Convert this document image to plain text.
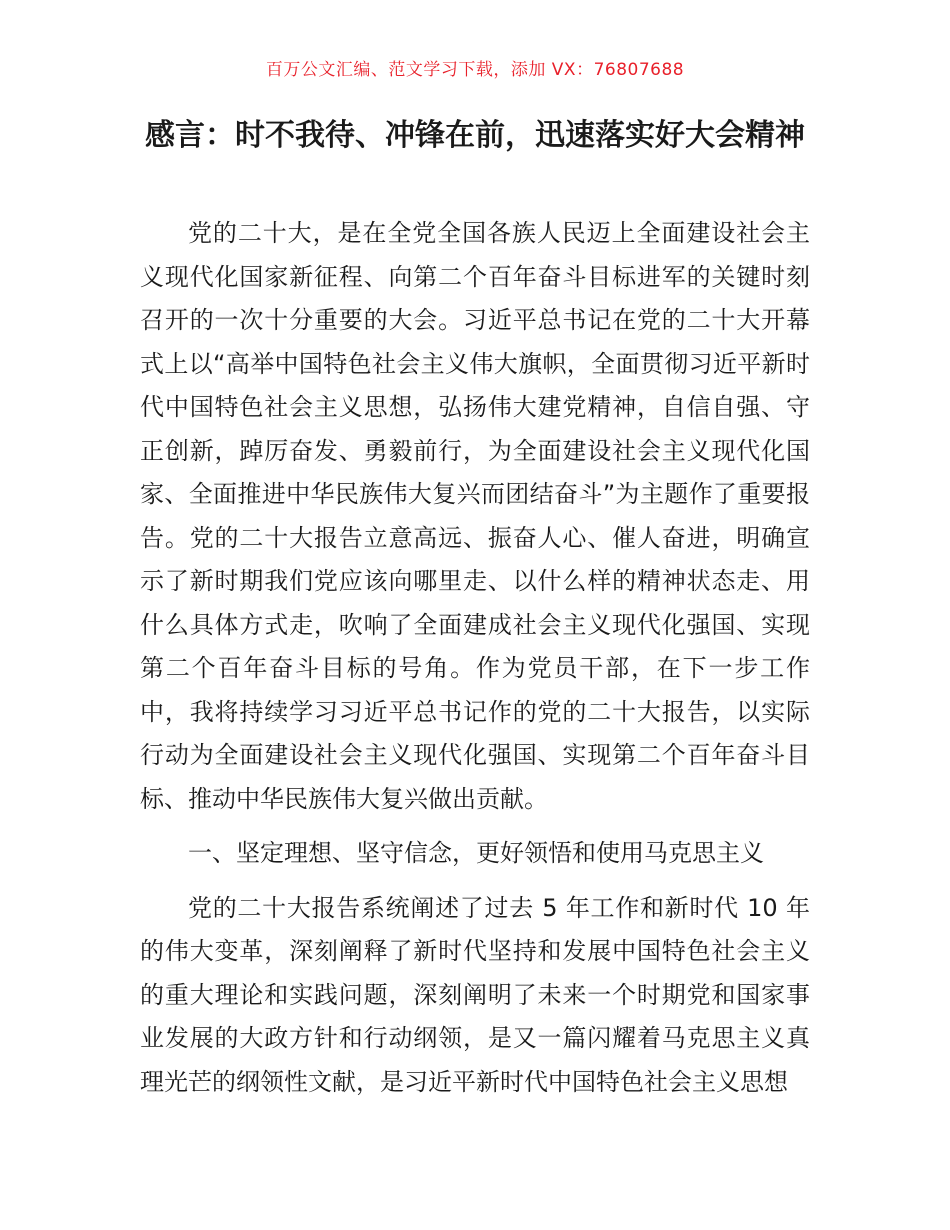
百万公文汇编、范文学习下载，添加 VX：76807688
感言：时不我待、冲锋在前，迅速落实好大会精神

党的二十大，是在全党全国各族人民迈上全面建设社会主义现代化国家新征程、向第二个百年奋斗目标进军的关键时刻召开的一次十分重要的大会。习近平总书记在党的二十大开幕式上以“高举中国特色社会主义伟大旗帜，全面贯彻习近平新时代中国特色社会主义思想，弘扬伟大建党精神，自信自强、守正创新，踔厉奋发、勇毅前行，为全面建设社会主义现代化国家、全面推进中华民族伟大复兴而团结奋斗”为主题作了重要报告。党的二十大报告立意高远、振奋人心、催人奋进，明确宣示了新时期我们党应该向哪里走、以什么样的精神状态走、用什么具体方式走，吹响了全面建成社会主义现代化强国、实现第二个百年奋斗目标的号角。作为党员干部，在下一步工作中，我将持续学习习近平总书记作的党的二十大报告，以实际行动为全面建设社会主义现代化强国、实现第二个百年奋斗目标、推动中华民族伟大复兴做出贡献。

一、坚定理想、坚守信念，更好领悟和使用马克思主义

党的二十大报告系统阐述了过去 5 年工作和新时代 10 年的伟大变革，深刻阐释了新时代坚持和发展中国特色社会主义的重大理论和实践问题，深刻阐明了未来一个时期党和国家事业发展的大政方针和行动纲领，是又一篇闪耀着马克思主义真理光芒的纲领性文献，是习近平新时代中国特色社会主义思想
